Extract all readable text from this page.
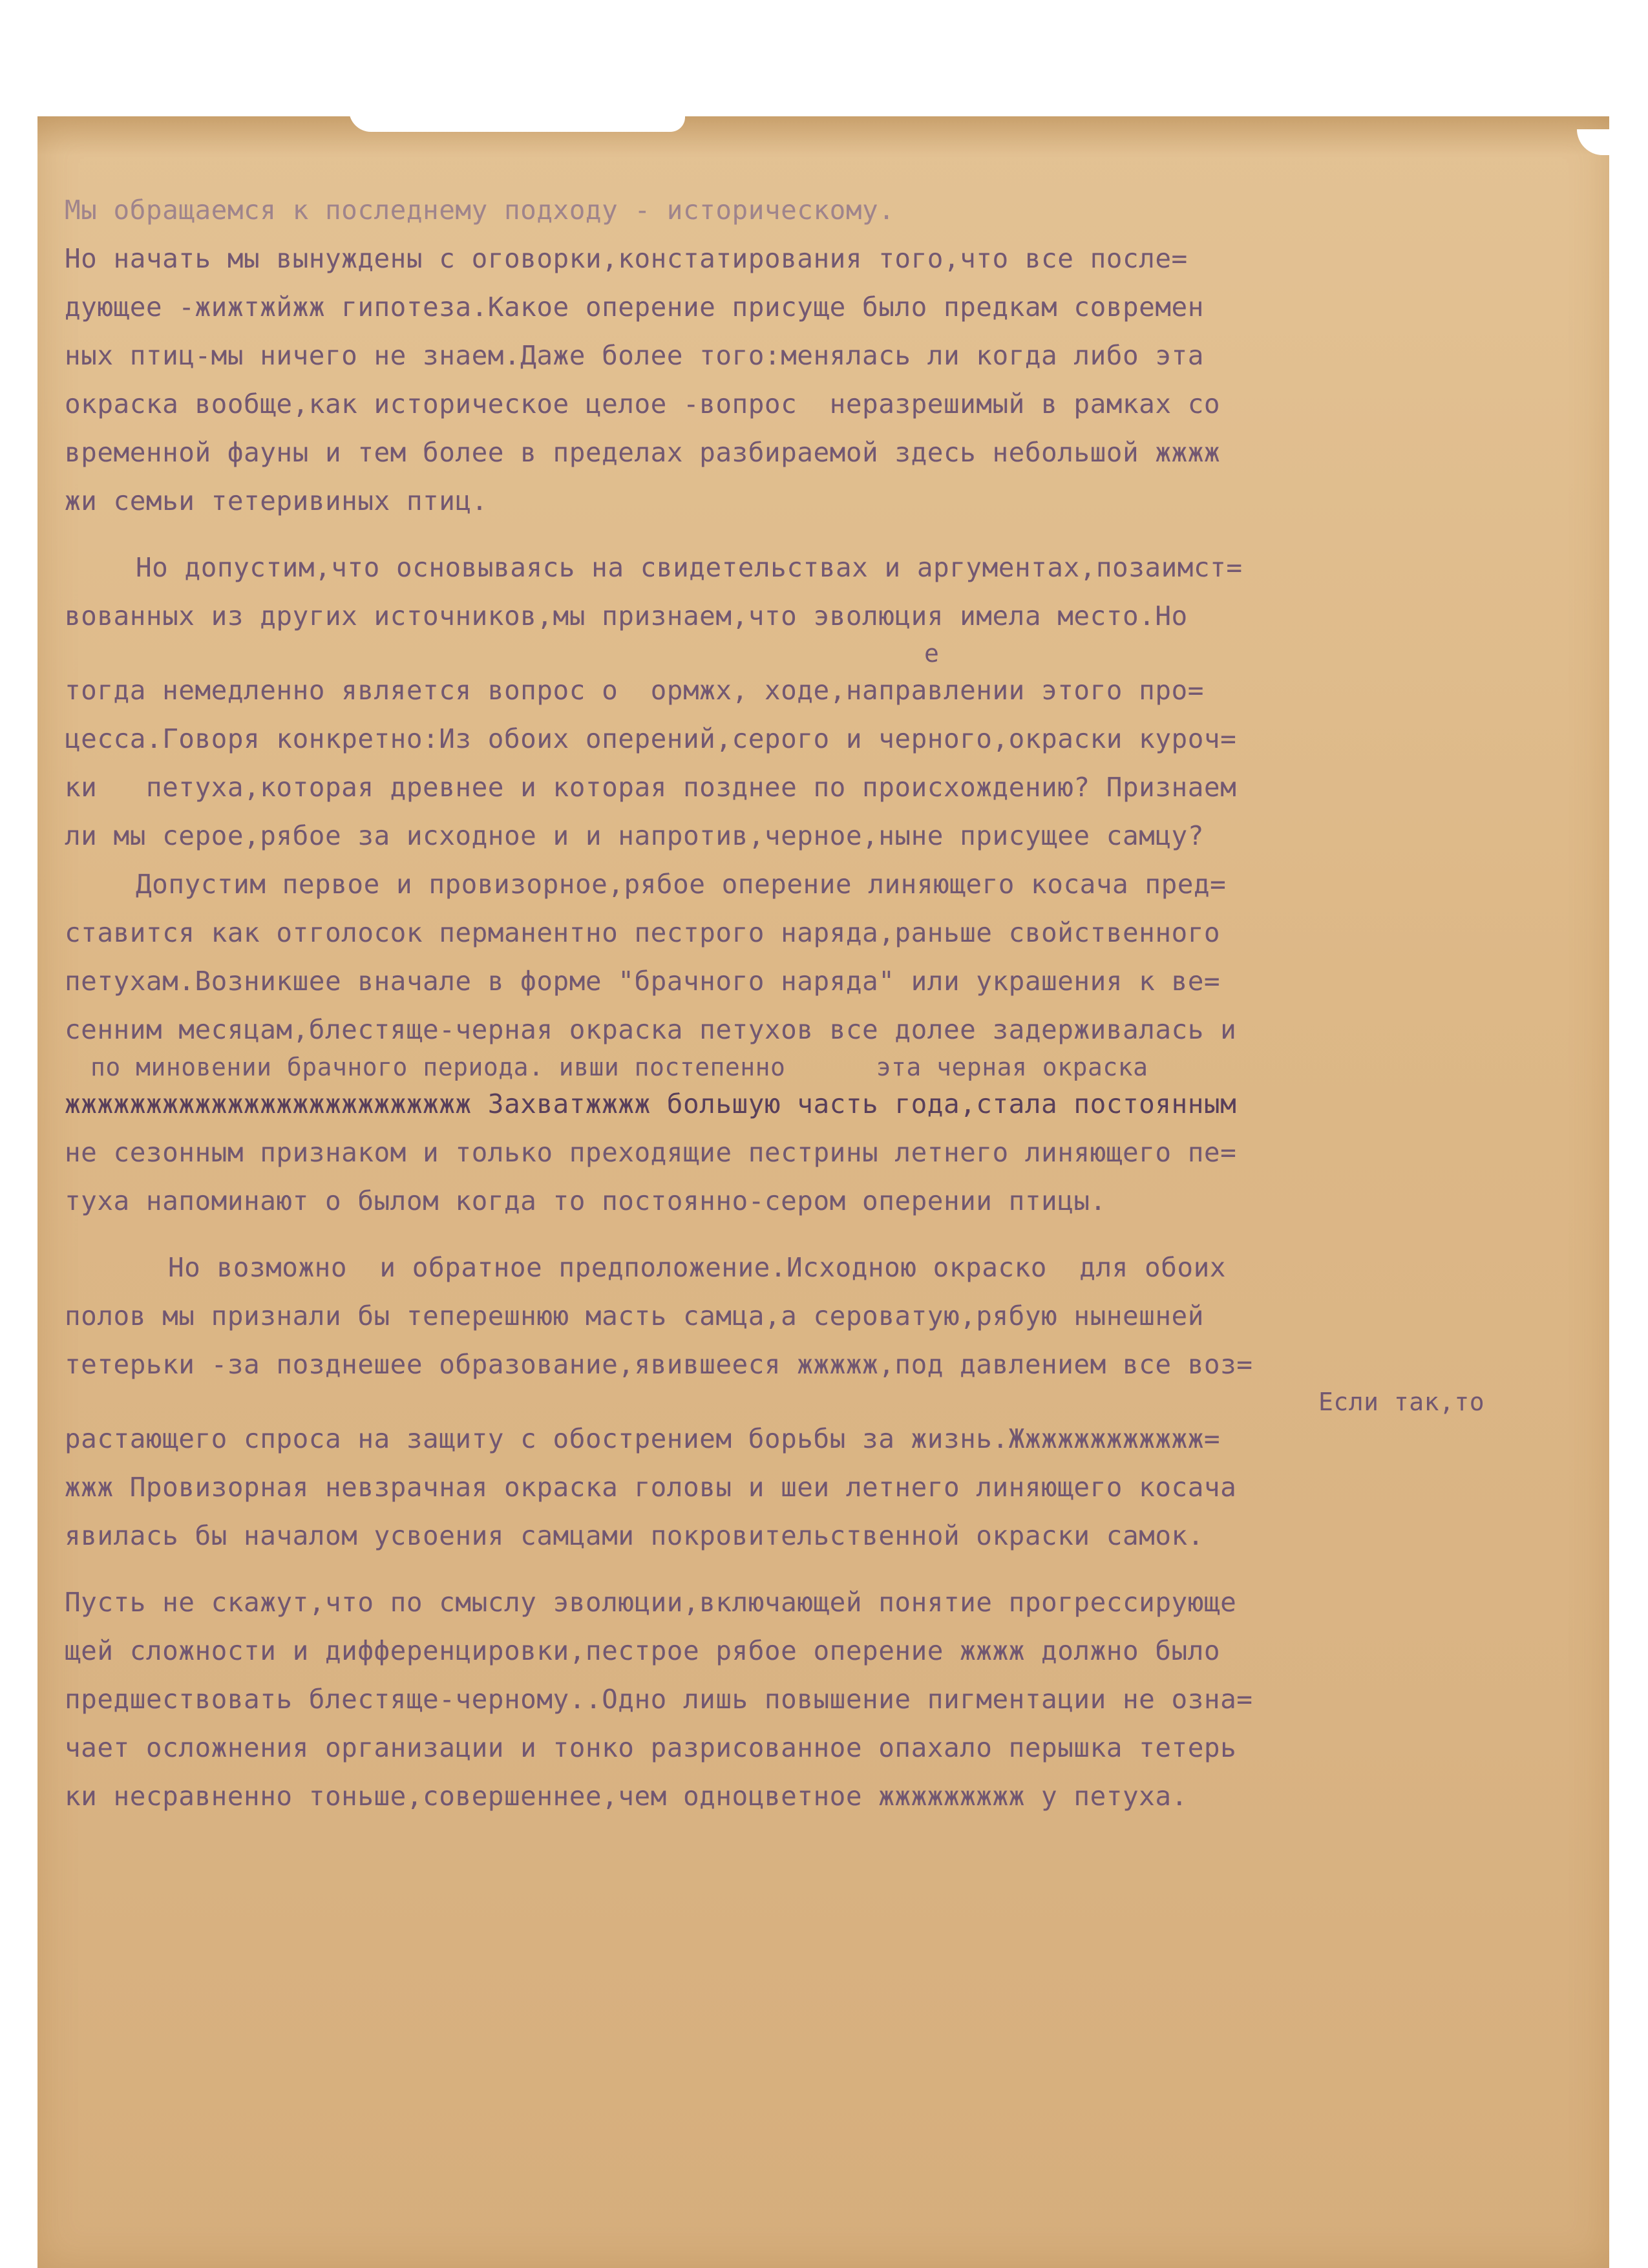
Мы обращаемся к последнему подходу - историческому.
Но начать мы вынуждены с оговорки,констатирования того,что все после=
дующее -жижтжйжж гипотеза.Какое оперение присуще было предкам современ
ных птиц-мы ничего не знаем.Даже более того:менялась ли когда либо эта
окраска вообще,как историческое целое -вопрос  неразрешимый в рамках со
временной фауны и тем более в пределах разбираемой здесь небольшой жжжж
жи семьи тетеривиных птиц.
Но допустим,что основываясь на свидетельствах и аргументах,позаимст=
вованных из других источников,мы признаем,что эволюция имела место.Но
е
тогда немедленно является вопрос о  ормжх, ходе,направлении этого про=
цесса.Говоря конкретно:Из обоих оперений,серого и черного,окраски куроч=
ки   петуха,которая древнее и которая позднее по происхождению? Признаем
ли мы серое,рябое за исходное и и напротив,черное,ныне присущее самцу?
Допустим первое и провизорное,рябое оперение линяющего косача пред=
ставится как отголосок перманентно пестрого наряда,раньше свойственного
петухам.Возникшее вначале в форме "брачного наряда" или украшения к ве=
сенним месяцам,блестяще-черная окраска петухов все долее задерживалась и
по миновении брачного периода. ивши постепенно      эта черная окраска
жжжжжжжжжжжжжжжжжжжжжжжжж Захватжжжж большую часть года,стала постоянным
не сезонным признаком и только преходящие пестрины летнего линяющего пе=
туха напоминают о былом когда то постоянно-сером оперении птицы.
Но возможно  и обратное предположение.Исходною окраско  для обоих
полов мы признали бы теперешнюю масть самца,а сероватую,рябую нынешней
тетерьки -за позднешее образование,явившееся жжжжж,под давлением все воз=
Если так,то
растающего спроса на защиту с обострением борьбы за жизнь.Жжжжжжжжжжжж=
жжж Провизорная невзрачная окраска головы и шеи летнего линяющего косача
явилась бы началом усвоения самцами покровительственной окраски самок.
Пусть не скажут,что по смыслу эволюции,включающей понятие прогрессирующе
щей сложности и дифференцировки,пестрое рябое оперение жжжж должно было
предшествовать блестяще-черному..Одно лишь повышение пигментации не озна=
чает осложнения организации и тонко разрисованное опахало перышка тетерь
ки несравненно тоньше,совершеннее,чем одноцветное жжжжжжжжж у петуха.
